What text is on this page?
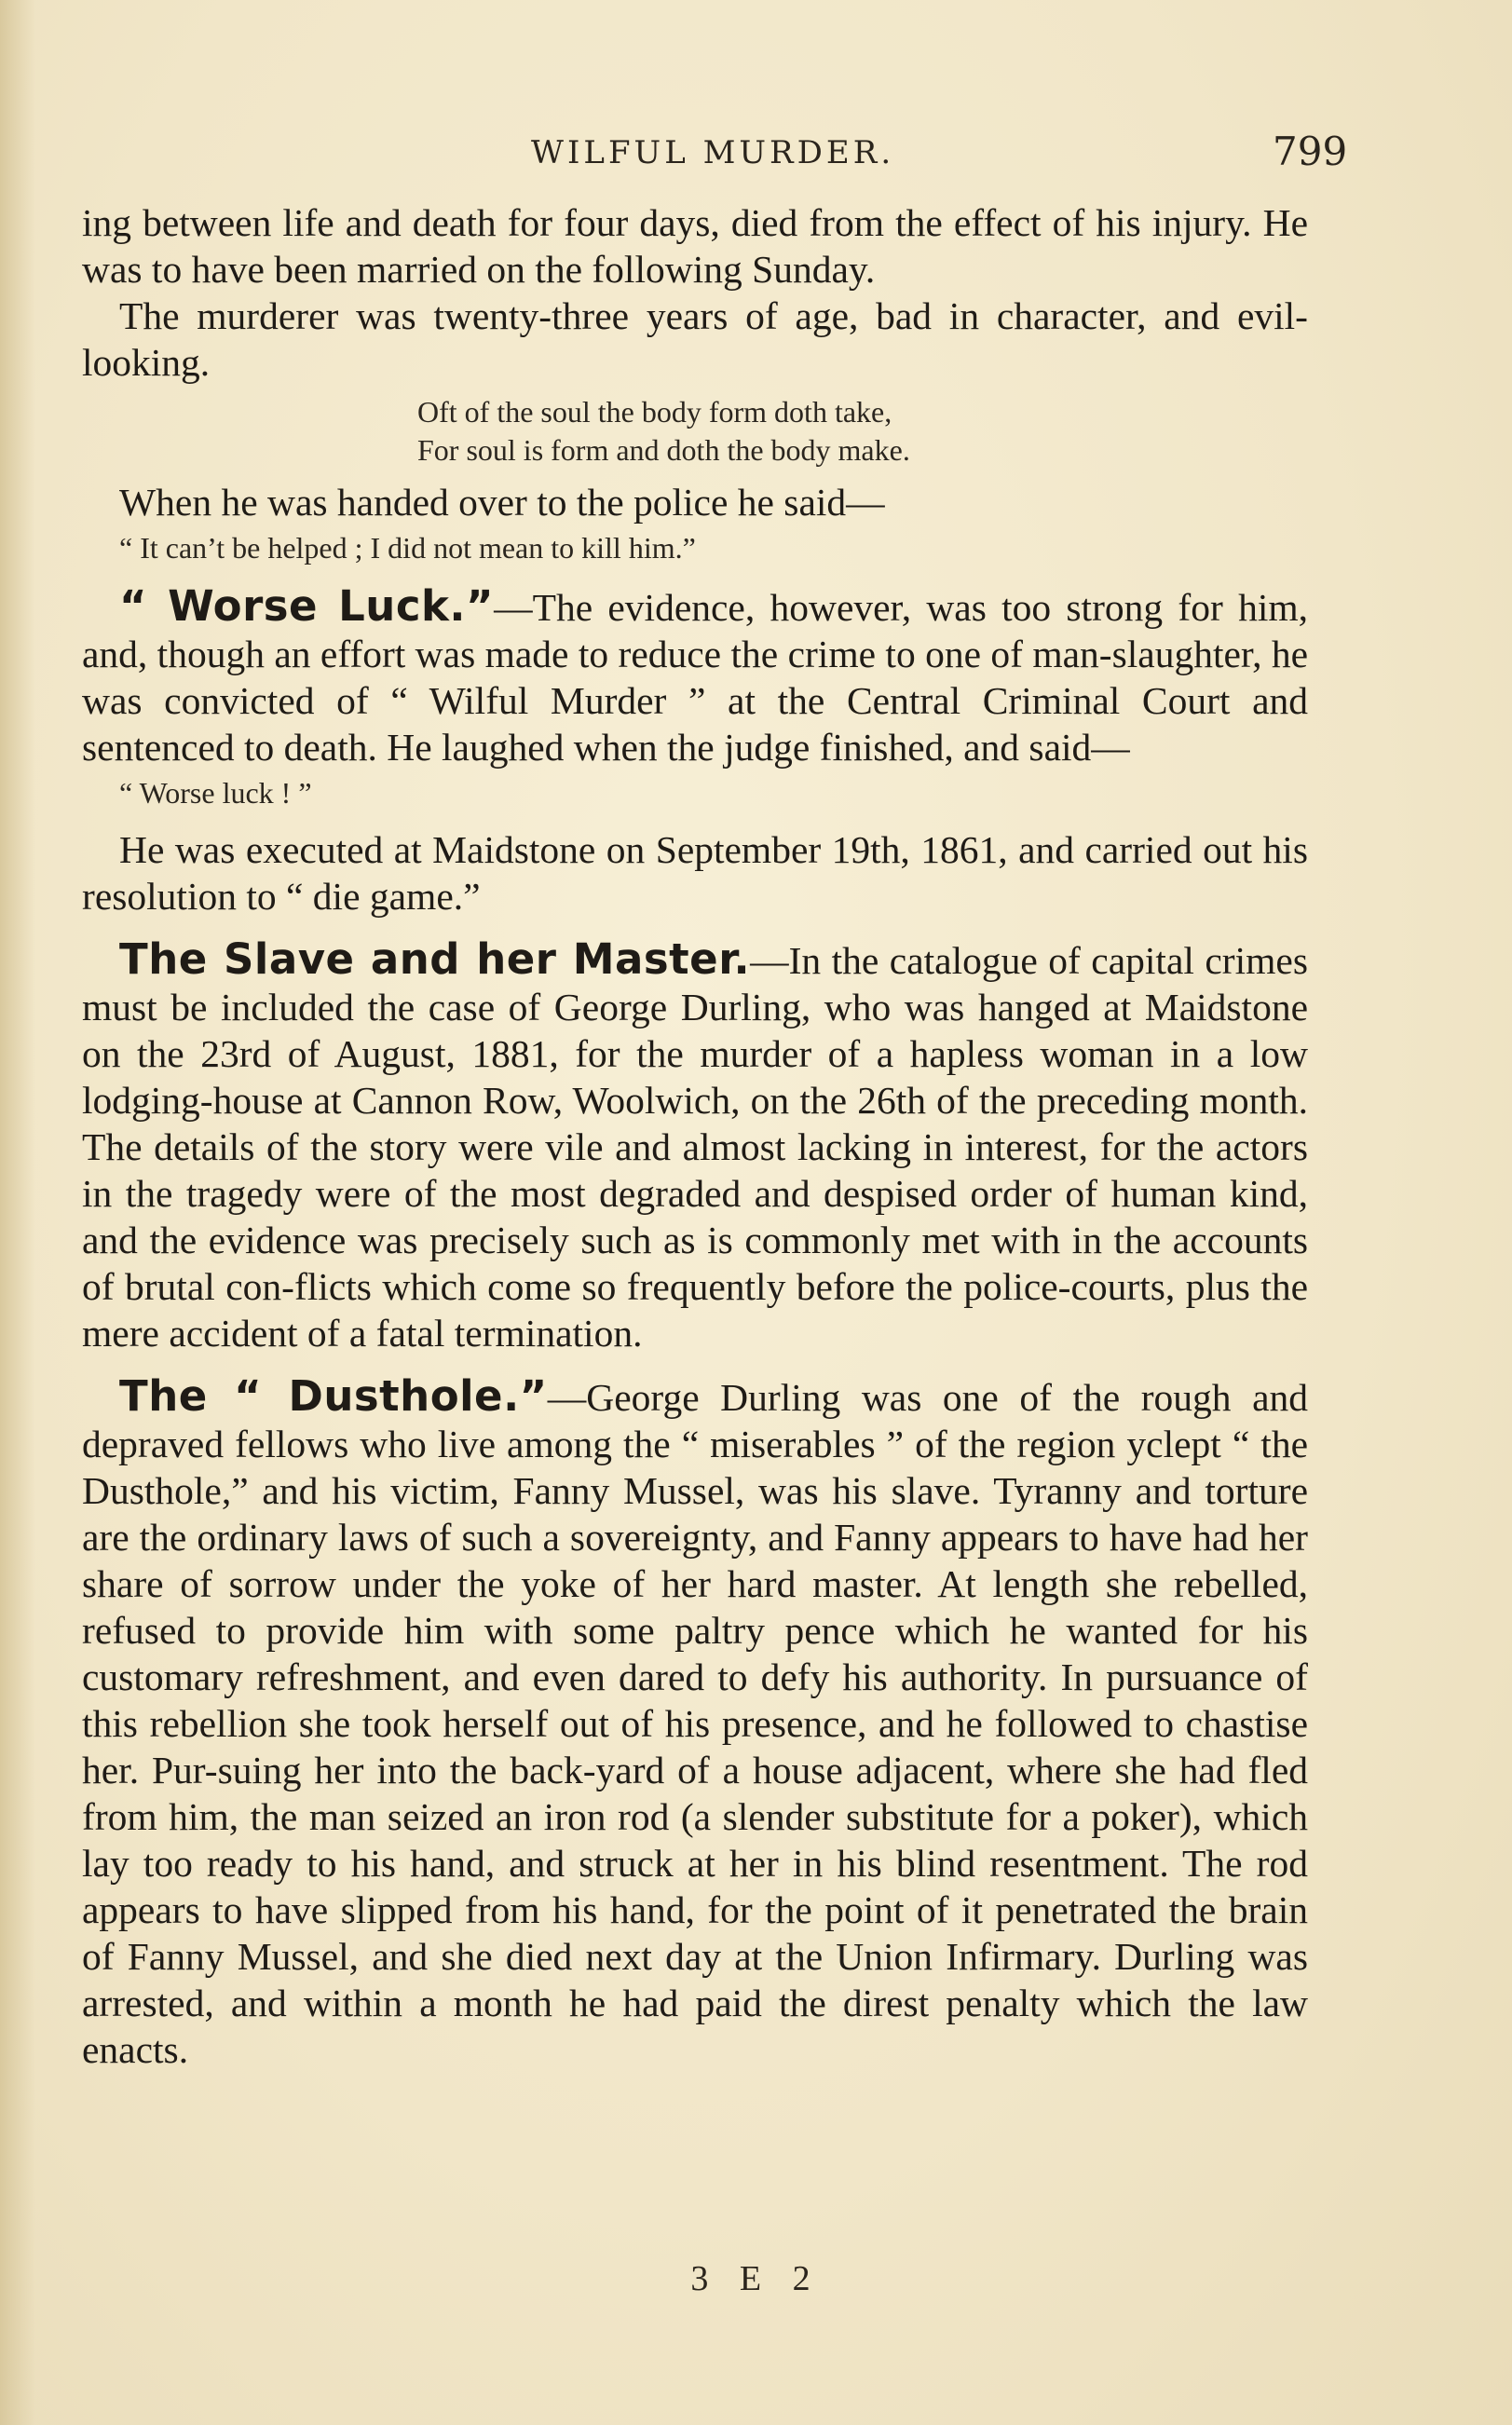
WILFUL MURDER.	799

ing between life and death for four days, died from the effect of his injury. He was to have been married on the following Sunday.

The murderer was twenty-three years of age, bad in character, and evil-looking.

Oft of the soul the body form doth take,
For soul is form and doth the body make.

When he was handed over to the police he said—

“ It can’t be helped ; I did not mean to kill him.”

“ Worse Luck.”—The evidence, however, was too strong for him, and, though an effort was made to reduce the crime to one of man-slaughter, he was convicted of “ Wilful Murder ” at the Central Criminal Court and sentenced to death. He laughed when the judge finished, and said—

“ Worse luck ! ”

He was executed at Maidstone on September 19th, 1861, and carried out his resolution to “ die game.”

The Slave and her Master.—In the catalogue of capital crimes must be included the case of George Durling, who was hanged at Maidstone on the 23rd of August, 1881, for the murder of a hapless woman in a low lodging-house at Cannon Row, Woolwich, on the 26th of the preceding month. The details of the story were vile and almost lacking in interest, for the actors in the tragedy were of the most degraded and despised order of human kind, and the evidence was precisely such as is commonly met with in the accounts of brutal con-flicts which come so frequently before the police-courts, plus the mere accident of a fatal termination.

The “ Dusthole.”—George Durling was one of the rough and depraved fellows who live among the “ miserables ” of the region yclept “ the Dusthole,” and his victim, Fanny Mussel, was his slave. Tyranny and torture are the ordinary laws of such a sovereignty, and Fanny appears to have had her share of sorrow under the yoke of her hard master. At length she rebelled, refused to provide him with some paltry pence which he wanted for his customary refreshment, and even dared to defy his authority. In pursuance of this rebellion she took herself out of his presence, and he followed to chastise her. Pur-suing her into the back-yard of a house adjacent, where she had fled from him, the man seized an iron rod (a slender substitute for a poker), which lay too ready to his hand, and struck at her in his blind resentment. The rod appears to have slipped from his hand, for the point of it penetrated the brain of Fanny Mussel, and she died next day at the Union Infirmary. Durling was arrested, and within a month he had paid the direst penalty which the law enacts.

3 E 2
